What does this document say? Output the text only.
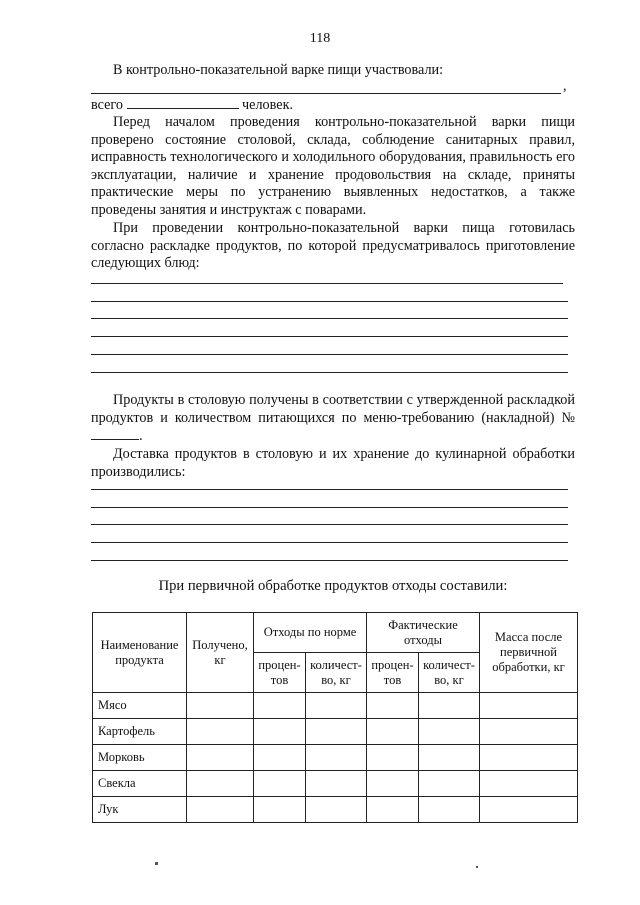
118
В контрольно-показательной варке пищи участвовали:
,
всего	человек.
Перед началом проведения контрольно-показательной варки пищи проверено состояние столовой, склада, соблюдение санитарных правил, исправность технологического и холодильного оборудования, правильность его эксплуатации, наличие и хранение продовольствия на складе, приняты практические меры по устранению выявленных недостатков, а также проведены занятия и инструктаж с поварами.
При проведении контрольно-показательной варки пища готовилась согласно раскладке продуктов, по которой предусматривалось приготовление следующих блюд:
Продукты в столовую получены в соответствии с утвержденной раскладкой продуктов и количеством питающихся по меню-требованию (накладной) № .
Доставка продуктов в столовую и их хранение до кулинарной обработки производились:
При первичной обработке продуктов отходы составили:
Наименование продукта	Получено, кг	Отходы по норме		Фактические отходы		Масса после первичной обработки, кг
		процен-тов	количест-во, кг	процен-тов	количест-во, кг	
Мясо						
Картофель						
Морковь						
Свекла						
Лук						
